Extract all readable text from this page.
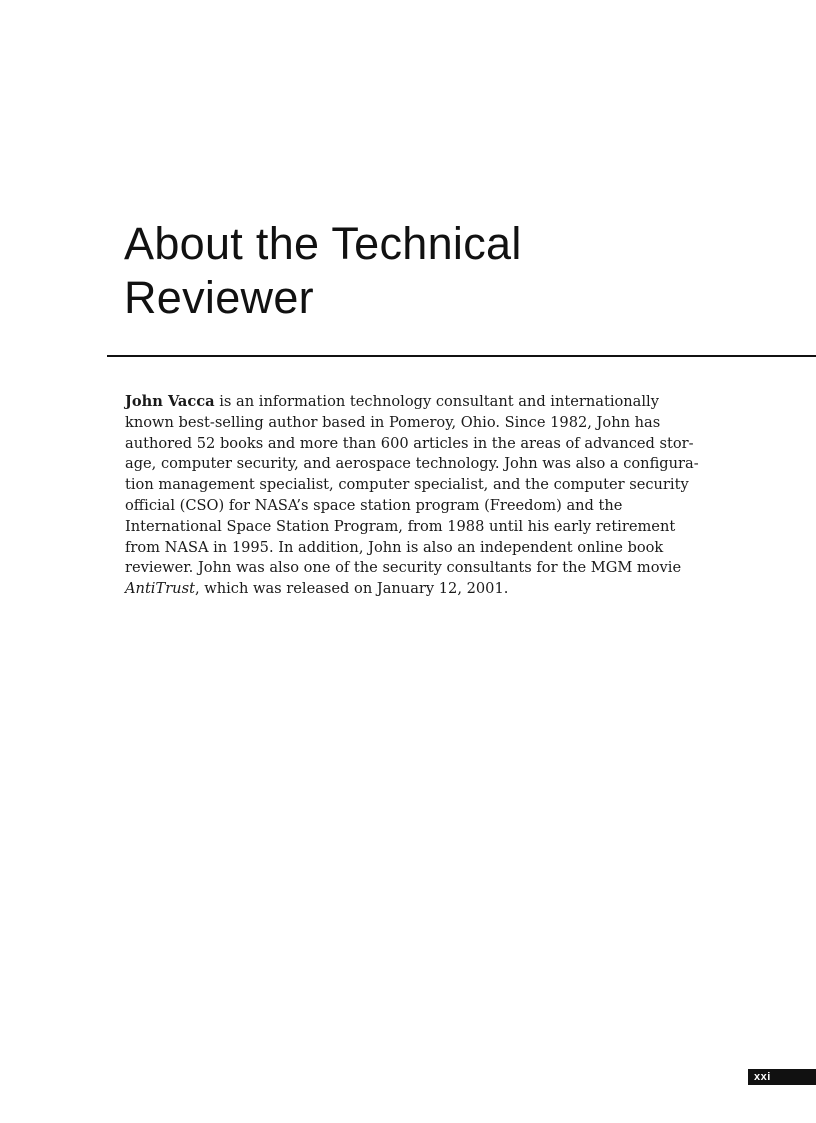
About the Technical
Reviewer
John Vacca is an information technology consultant and internationally
known best-selling author based in Pomeroy, Ohio. Since 1982, John has
authored 52 books and more than 600 articles in the areas of advanced stor-
age, computer security, and aerospace technology. John was also a configura-
tion management specialist, computer specialist, and the computer security
official (CSO) for NASA’s space station program (Freedom) and the
International Space Station Program, from 1988 until his early retirement
from NASA in 1995. In addition, John is also an independent online book
reviewer. John was also one of the security consultants for the MGM movie
AntiTrust, which was released on January 12, 2001.
xxi
